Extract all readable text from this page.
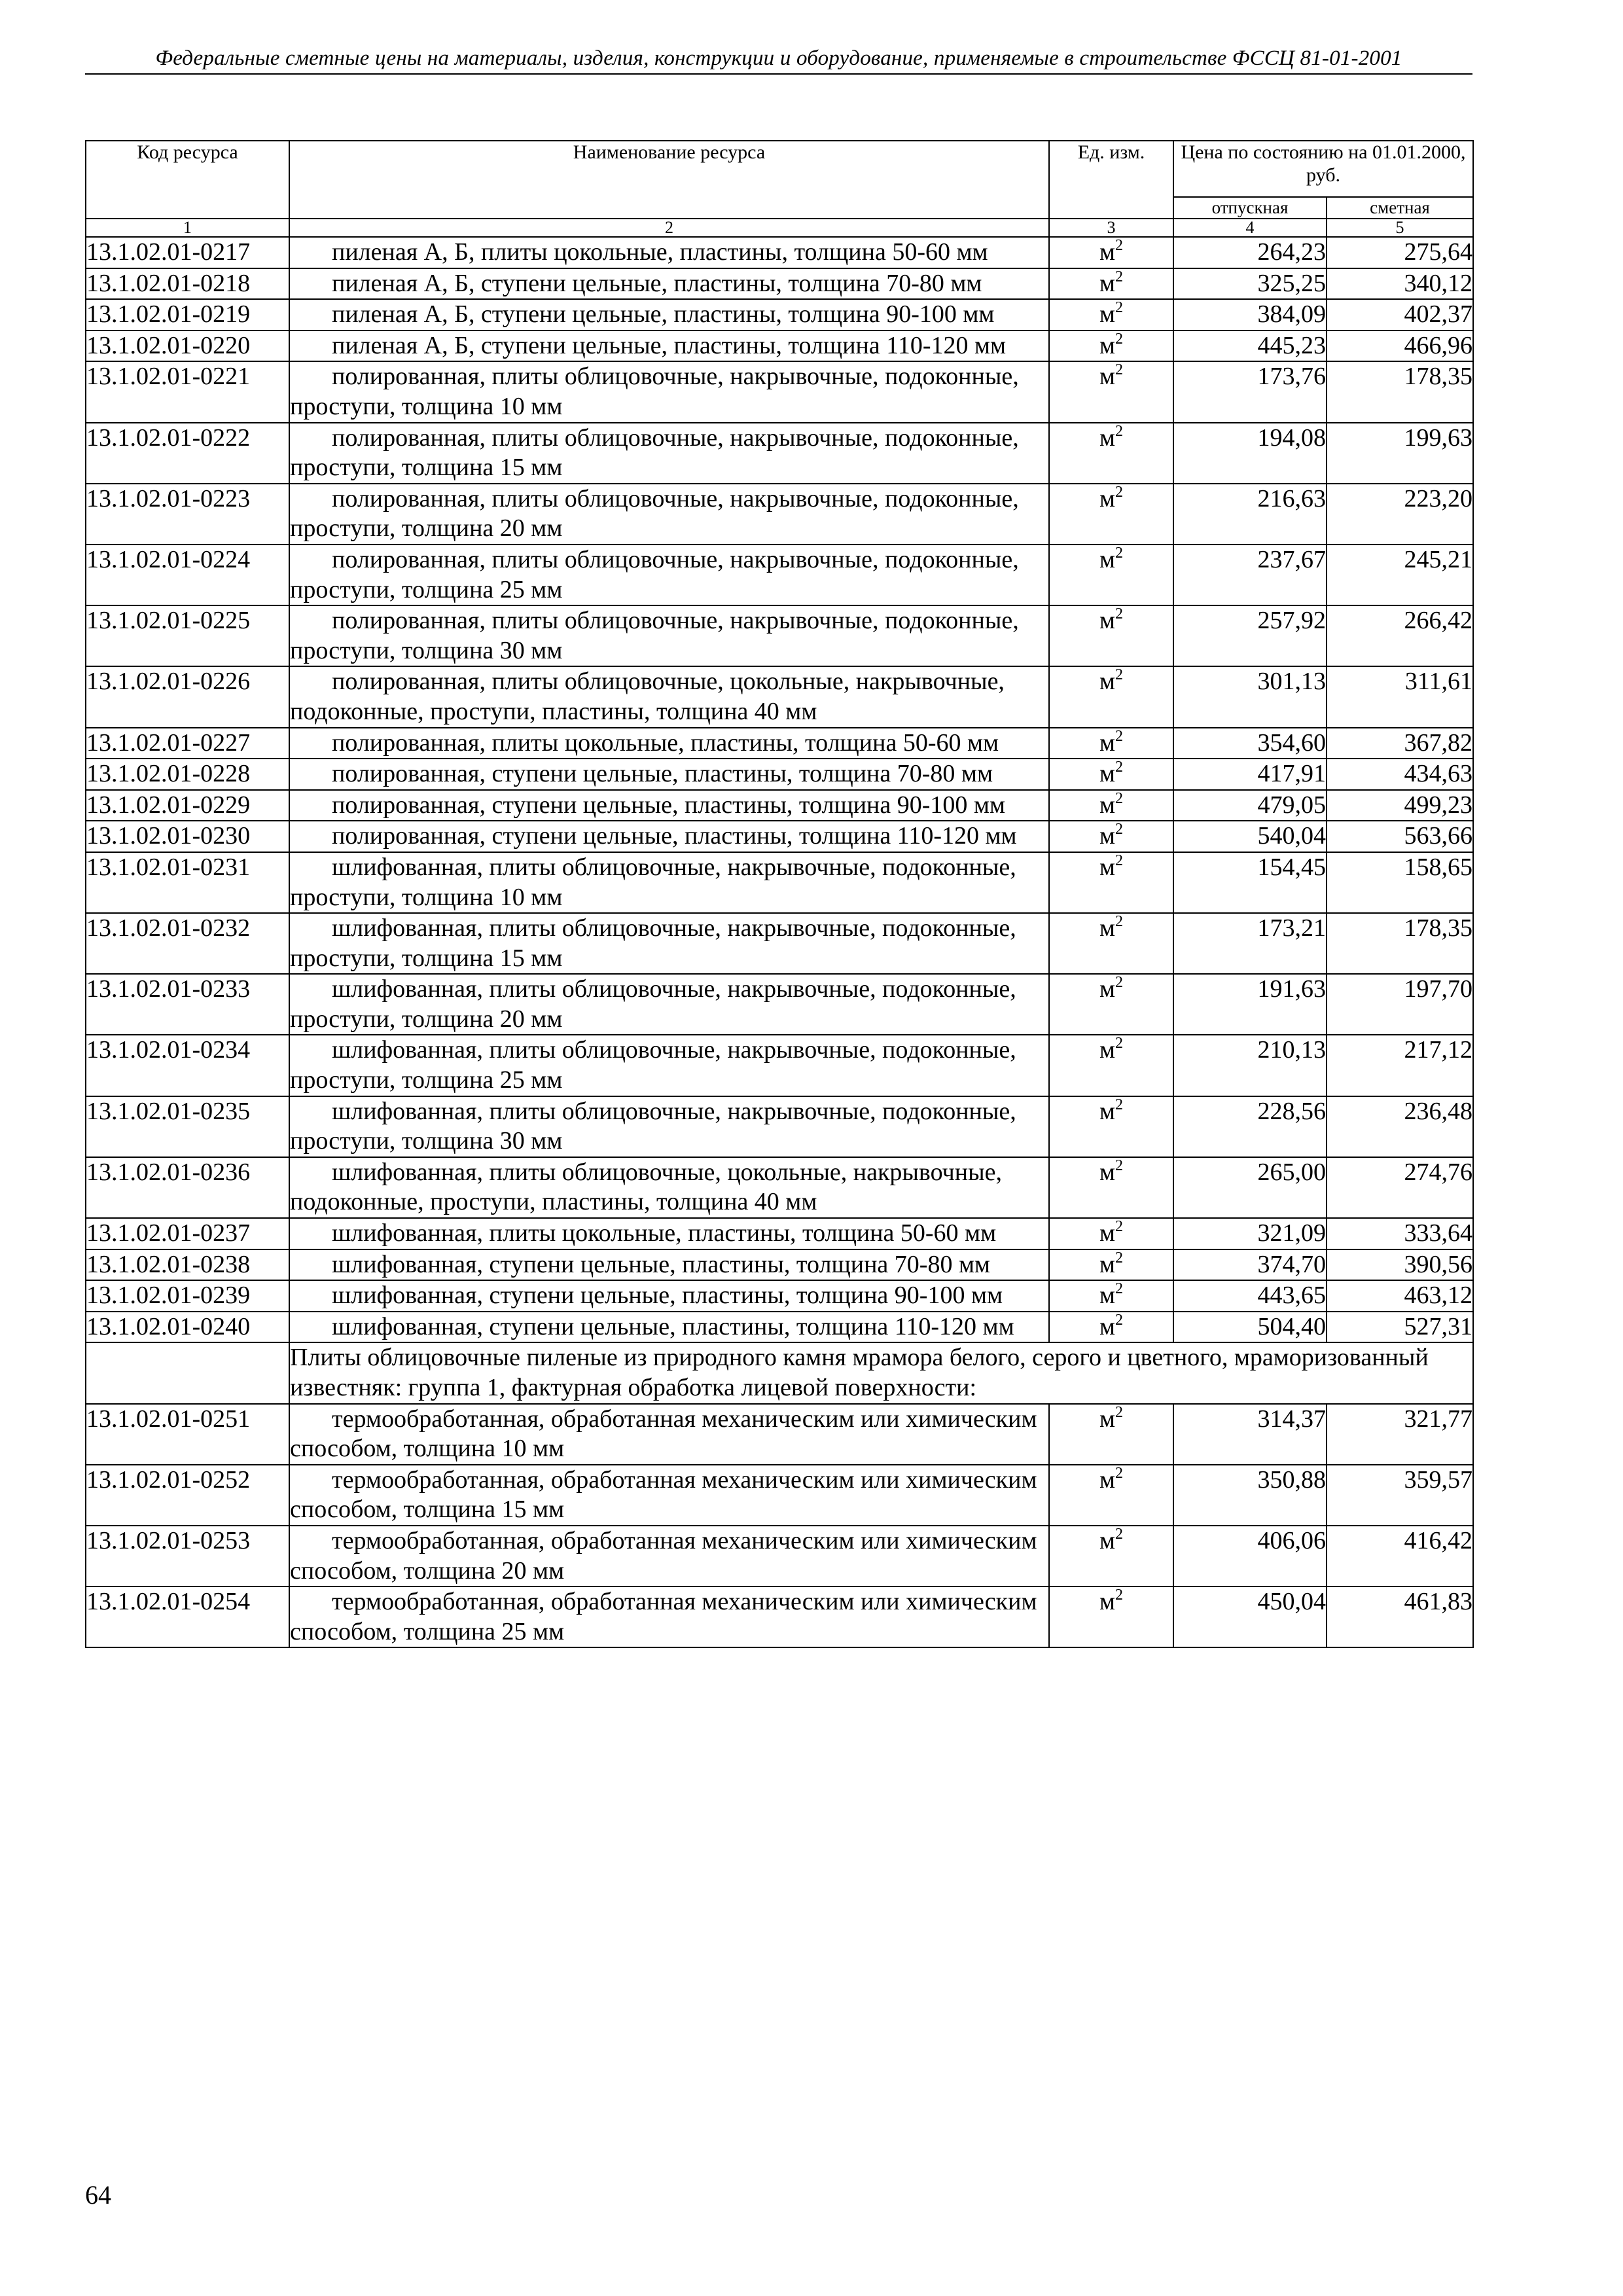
Федеральные сметные цены на материалы, изделия, конструкции и оборудование, применяемые в строительстве ФССЦ 81-01-2001
Код ресурса	Наименование ресурса	Ед. изм.	Цена по состоянию на 01.01.2000, руб.	
			отпускная	сметная
1	2	3	4	5
13.1.02.01-0217	пиленая А, Б, плиты цокольные, пластины, толщина 50-60 мм	$м^2$	264,23	275,64
13.1.02.01-0218	пиленая А, Б, ступени цельные, пластины, толщина 70-80 мм	$м^2$	325,25	340,12
13.1.02.01-0219	пиленая А, Б, ступени цельные, пластины, толщина 90-100 мм	$м^2$	384,09	402,37
13.1.02.01-0220	пиленая А, Б, ступени цельные, пластины, толщина 110-120 мм	$м^2$	445,23	466,96
13.1.02.01-0221	полированная, плиты облицовочные, накрывочные, подоконные, проступи, толщина 10 мм	$м^2$	173,76	178,35
13.1.02.01-0222	полированная, плиты облицовочные, накрывочные, подоконные, проступи, толщина 15 мм	$м^2$	194,08	199,63
13.1.02.01-0223	полированная, плиты облицовочные, накрывочные, подоконные, проступи, толщина 20 мм	$м^2$	216,63	223,20
13.1.02.01-0224	полированная, плиты облицовочные, накрывочные, подоконные, проступи, толщина 25 мм	$м^2$	237,67	245,21
13.1.02.01-0225	полированная, плиты облицовочные, накрывочные, подоконные, проступи, толщина 30 мм	$м^2$	257,92	266,42
13.1.02.01-0226	полированная, плиты облицовочные, цокольные, накрывочные, подоконные, проступи, пластины, толщина 40 мм	$м^2$	301,13	311,61
13.1.02.01-0227	полированная, плиты цокольные, пластины, толщина 50-60 мм	$м^2$	354,60	367,82
13.1.02.01-0228	полированная, ступени цельные, пластины, толщина 70-80 мм	$м^2$	417,91	434,63
13.1.02.01-0229	полированная, ступени цельные, пластины, толщина 90-100 мм	$м^2$	479,05	499,23
13.1.02.01-0230	полированная, ступени цельные, пластины, толщина 110-120 мм	$м^2$	540,04	563,66
13.1.02.01-0231	шлифованная, плиты облицовочные, накрывочные, подоконные, проступи, толщина 10 мм	$м^2$	154,45	158,65
13.1.02.01-0232	шлифованная, плиты облицовочные, накрывочные, подоконные, проступи, толщина 15 мм	$м^2$	173,21	178,35
13.1.02.01-0233	шлифованная, плиты облицовочные, накрывочные, подоконные, проступи, толщина 20 мм	$м^2$	191,63	197,70
13.1.02.01-0234	шлифованная, плиты облицовочные, накрывочные, подоконные, проступи, толщина 25 мм	$м^2$	210,13	217,12
13.1.02.01-0235	шлифованная, плиты облицовочные, накрывочные, подоконные, проступи, толщина 30 мм	$м^2$	228,56	236,48
13.1.02.01-0236	шлифованная, плиты облицовочные, цокольные, накрывочные, подоконные, проступи, пластины, толщина 40 мм	$м^2$	265,00	274,76
13.1.02.01-0237	шлифованная, плиты цокольные, пластины, толщина 50-60 мм	$м^2$	321,09	333,64
13.1.02.01-0238	шлифованная, ступени цельные, пластины, толщина 70-80 мм	$м^2$	374,70	390,56
13.1.02.01-0239	шлифованная, ступени цельные, пластины, толщина 90-100 мм	$м^2$	443,65	463,12
13.1.02.01-0240	шлифованная, ступени цельные, пластины, толщина 110-120 мм	$м^2$	504,40	527,31
	Плиты облицовочные пиленые из природного камня мрамора белого, серого и цветного, мраморизованный известняк: группа 1, фактурная обработка лицевой поверхности:			
13.1.02.01-0251	термообработанная, обработанная механическим или химическим способом, толщина 10 мм	$м^2$	314,37	321,77
13.1.02.01-0252	термообработанная, обработанная механическим или химическим способом, толщина 15 мм	$м^2$	350,88	359,57
13.1.02.01-0253	термообработанная, обработанная механическим или химическим способом, толщина 20 мм	$м^2$	406,06	416,42
13.1.02.01-0254	термообработанная, обработанная механическим или химическим способом, толщина 25 мм	$м^2$	450,04	461,83
64
